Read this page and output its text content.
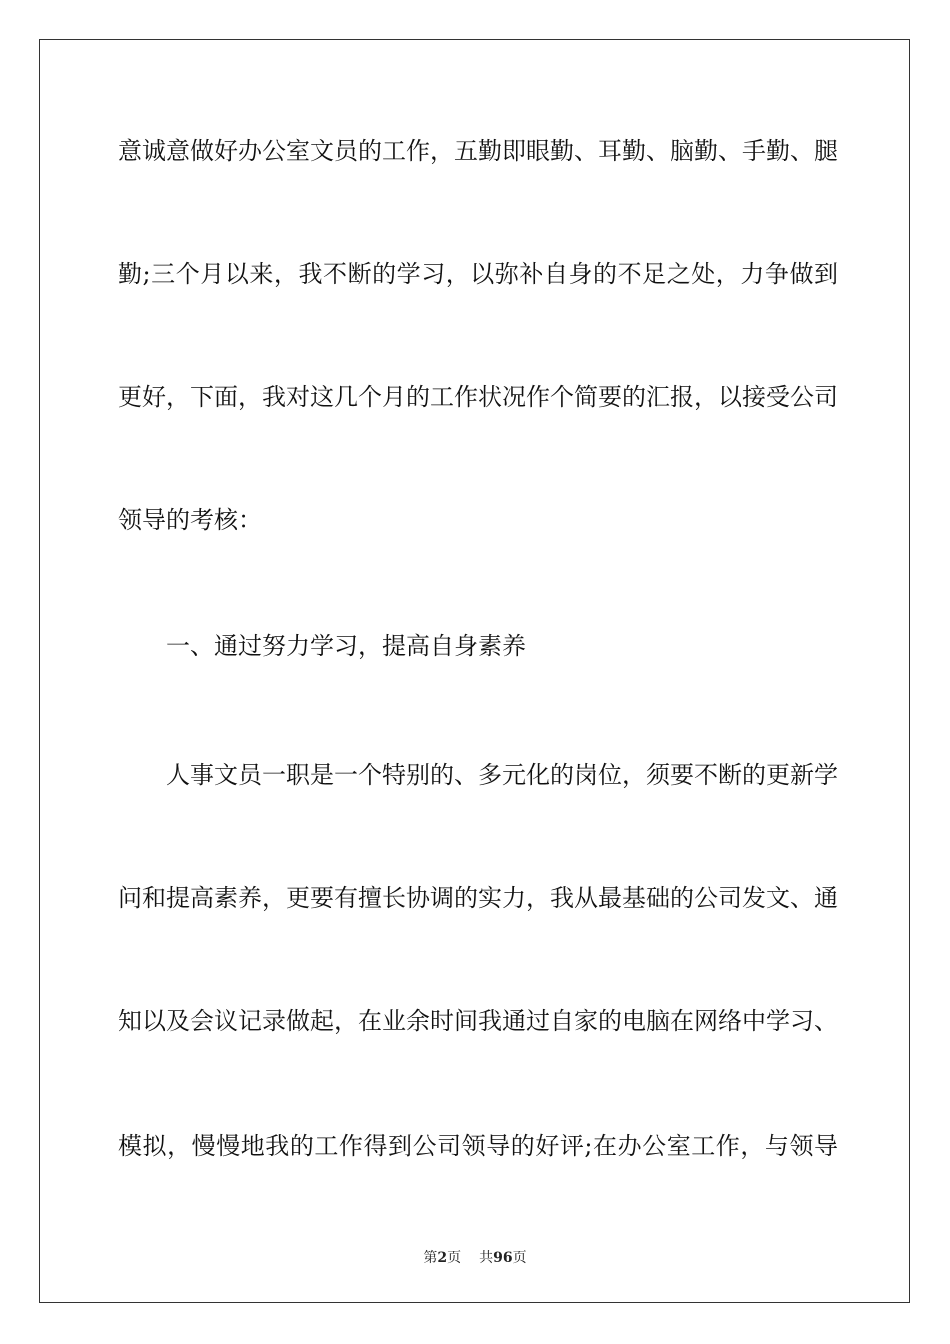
意诚意做好办公室文员的工作，五勤即眼勤、耳勤、脑勤、手勤、腿
勤;三个月以来，我不断的学习，以弥补自身的不足之处，力争做到
更好，下面，我对这几个月的工作状况作个简要的汇报，以接受公司
领导的考核：
一、通过努力学习，提高自身素养
人事文员一职是一个特别的、多元化的岗位，须要不断的更新学
问和提高素养，更要有擅长协调的实力，我从最基础的公司发文、通
知以及会议记录做起，在业余时间我通过自家的电脑在网络中学习、
模拟，慢慢地我的工作得到公司领导的好评;在办公室工作，与领导
第2页 共96页
